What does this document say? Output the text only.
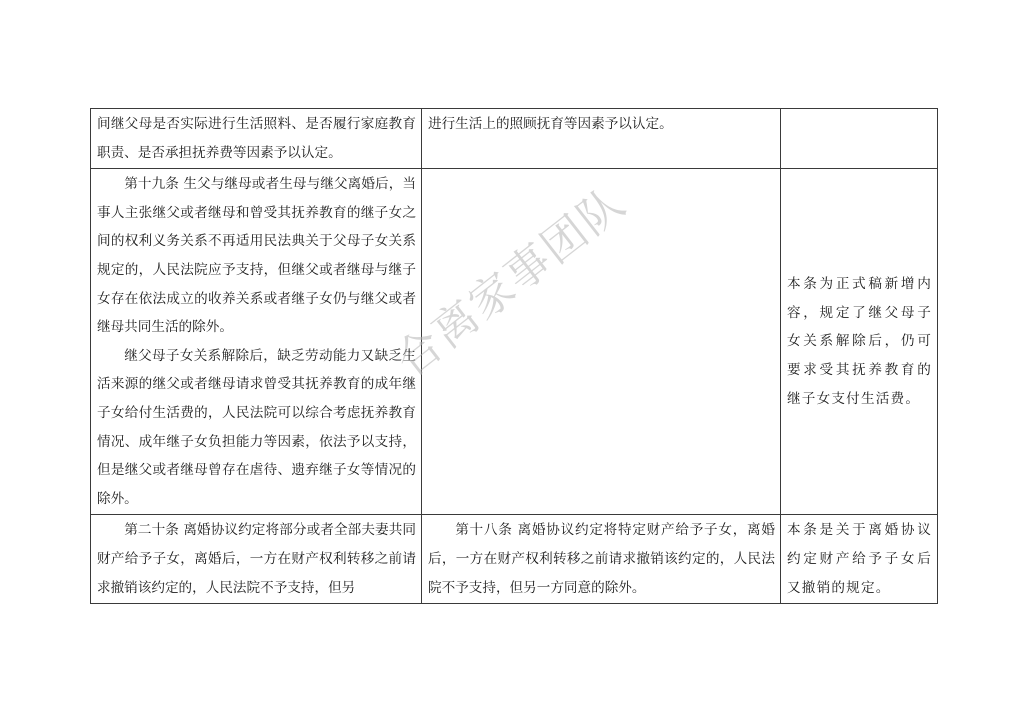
间继父母是否实际进行生活照料、是否履行家庭教育职责、是否承担抚养费等因素予以认定。	进行生活上的照顾抚育等因素予以认定。	

第十九条 生父与继母或者生母与继父离婚后，当事人主张继父或者继母和曾受其抚养教育的继子女之间的权利义务关系不再适用民法典关于父母子女关系规定的，人民法院应予支持，但继父或者继母与继子女存在依法成立的收养关系或者继子女仍与继父或者继母共同生活的除外。

继父母子女关系解除后，缺乏劳动能力又缺乏生活来源的继父或者继母请求曾受其抚养教育的成年继子女给付生活费的，人民法院可以综合考虑抚养教育情况、成年继子女负担能力等因素，依法予以支持，但是继父或者继母曾存在虐待、遗弃继子女等情况的除外。		本条为正式稿新增内容，规定了继父母子女关系解除后，仍可要求受其抚养教育的继子女支付生活费。

第二十条 离婚协议约定将部分或者全部夫妻共同财产给予子女，离婚后，一方在财产权利转移之前请求撤销该约定的，人民法院不予支持，但另	第十八条 离婚协议约定将特定财产给予子女，离婚后，一方在财产权利转移之前请求撤销该约定的，人民法院不予支持，但另一方同意的除外。	本条是关于离婚协议约定财产给予子女后又撤销的规定。

合离家事团队
